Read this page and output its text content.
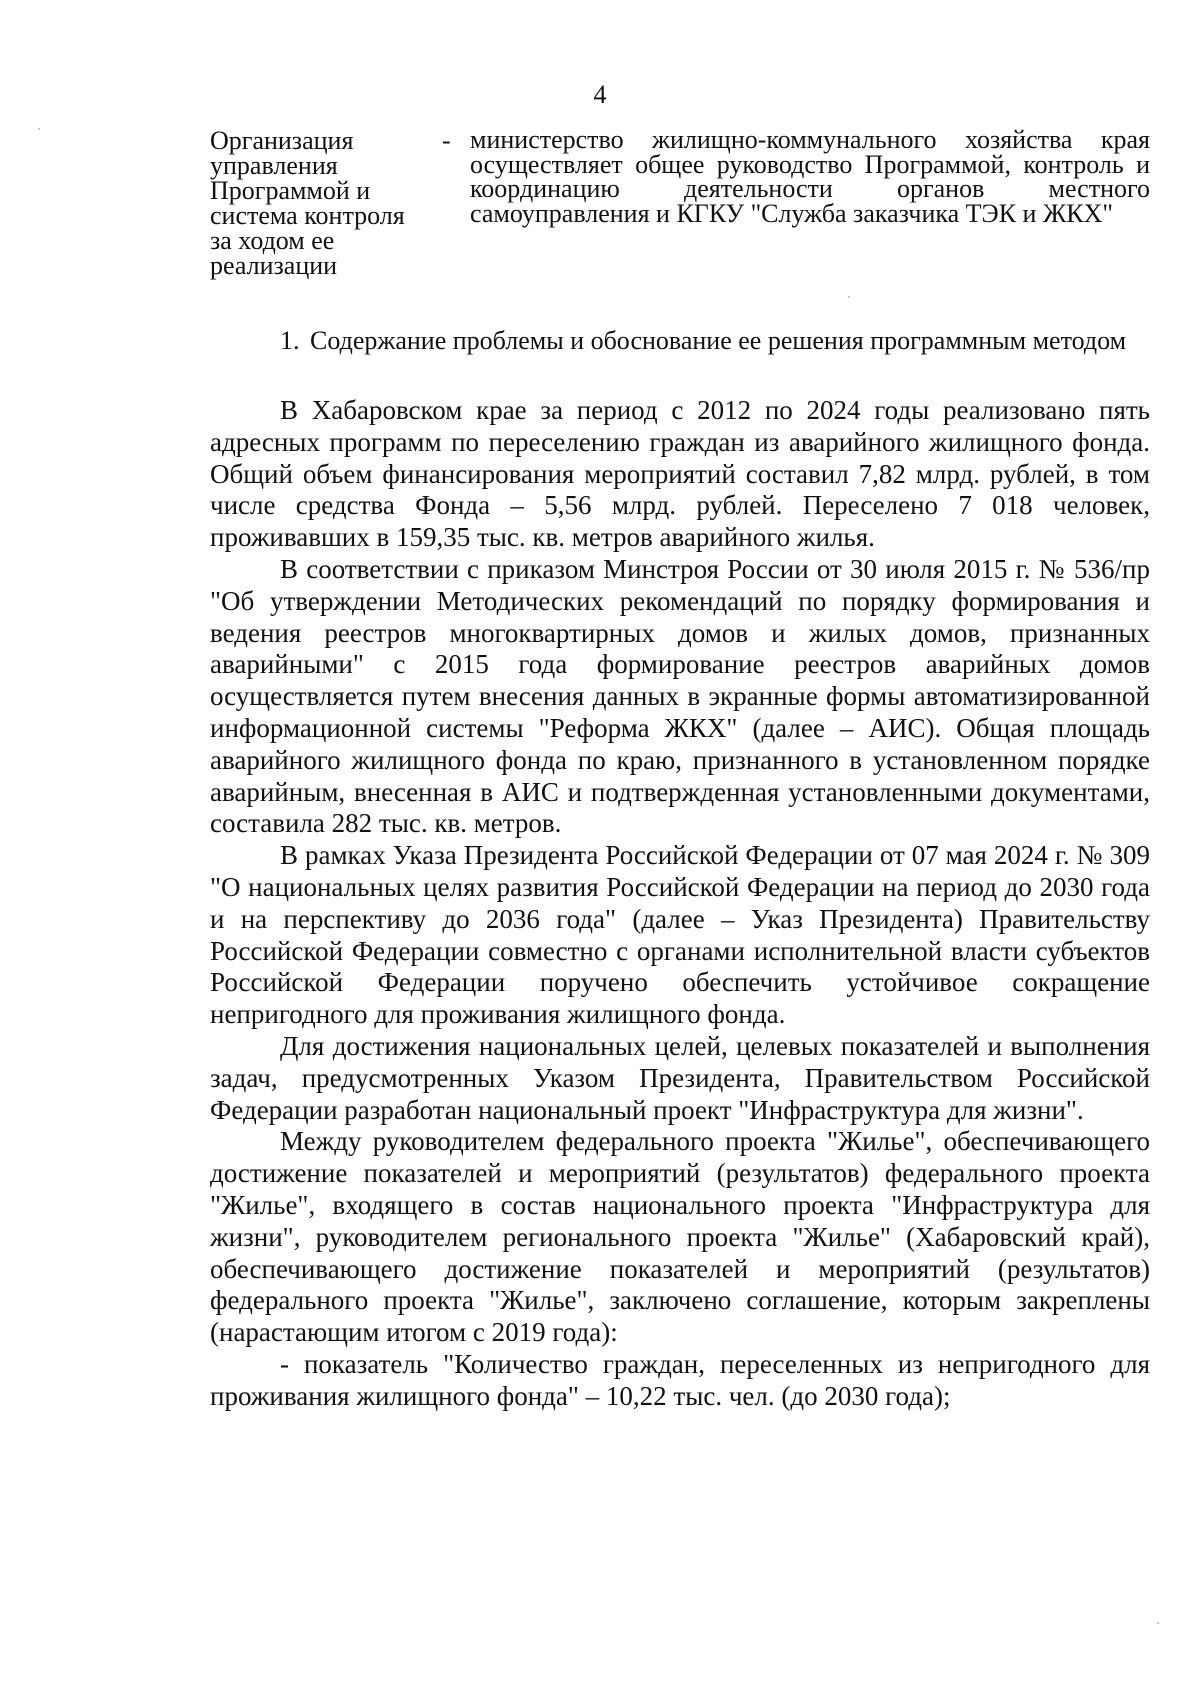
4
Организация управления Программой и система контроля за ходом ее реализации
- министерство жилищно-коммунального хозяйства края осуществляет общее руководство Программой, контроль и координацию деятельности органов местного самоуправления и КГКУ "Служба заказчика ТЭК и ЖКХ"
1. Содержание проблемы и обоснование ее решения программным методом

В Хабаровском крае за период с 2012 по 2024 годы реализовано пять адресных программ по переселению граждан из аварийного жилищного фонда. Общий объем финансирования мероприятий составил 7,82 млрд. рублей, в том числе средства Фонда – 5,56 млрд. рублей. Переселено 7 018 человек, проживавших в 159,35 тыс. кв. метров аварийного жилья.

В соответствии с приказом Минстроя России от 30 июля 2015 г. № 536/пр "Об утверждении Методических рекомендаций по порядку формирования и ведения реестров многоквартирных домов и жилых домов, признанных аварийными" с 2015 года формирование реестров аварийных домов осуществляется путем внесения данных в экранные формы автоматизированной информационной системы "Реформа ЖКХ" (далее – АИС). Общая площадь аварийного жилищного фонда по краю, признанного в установленном порядке аварийным, внесенная в АИС и подтвержденная установленными документами, составила 282 тыс. кв. метров.

В рамках Указа Президента Российской Федерации от 07 мая 2024 г. № 309 "О национальных целях развития Российской Федерации на период до 2030 года и на перспективу до 2036 года" (далее – Указ Президента) Правительству Российской Федерации совместно с органами исполнительной власти субъектов Российской Федерации поручено обеспечить устойчивое сокращение непригодного для проживания жилищного фонда.

Для достижения национальных целей, целевых показателей и выполнения задач, предусмотренных Указом Президента, Правительством Российской Федерации разработан национальный проект "Инфраструктура для жизни".

Между руководителем федерального проекта "Жилье", обеспечивающего достижение показателей и мероприятий (результатов) федерального проекта "Жилье", входящего в состав национального проекта "Инфраструктура для жизни", руководителем регионального проекта "Жилье" (Хабаровский край), обеспечивающего достижение показателей и мероприятий (результатов) федерального проекта "Жилье", заключено соглашение, которым закреплены (нарастающим итогом с 2019 года):

- показатель "Количество граждан, переселенных из непригодного для проживания жилищного фонда" – 10,22 тыс. чел. (до 2030 года);
